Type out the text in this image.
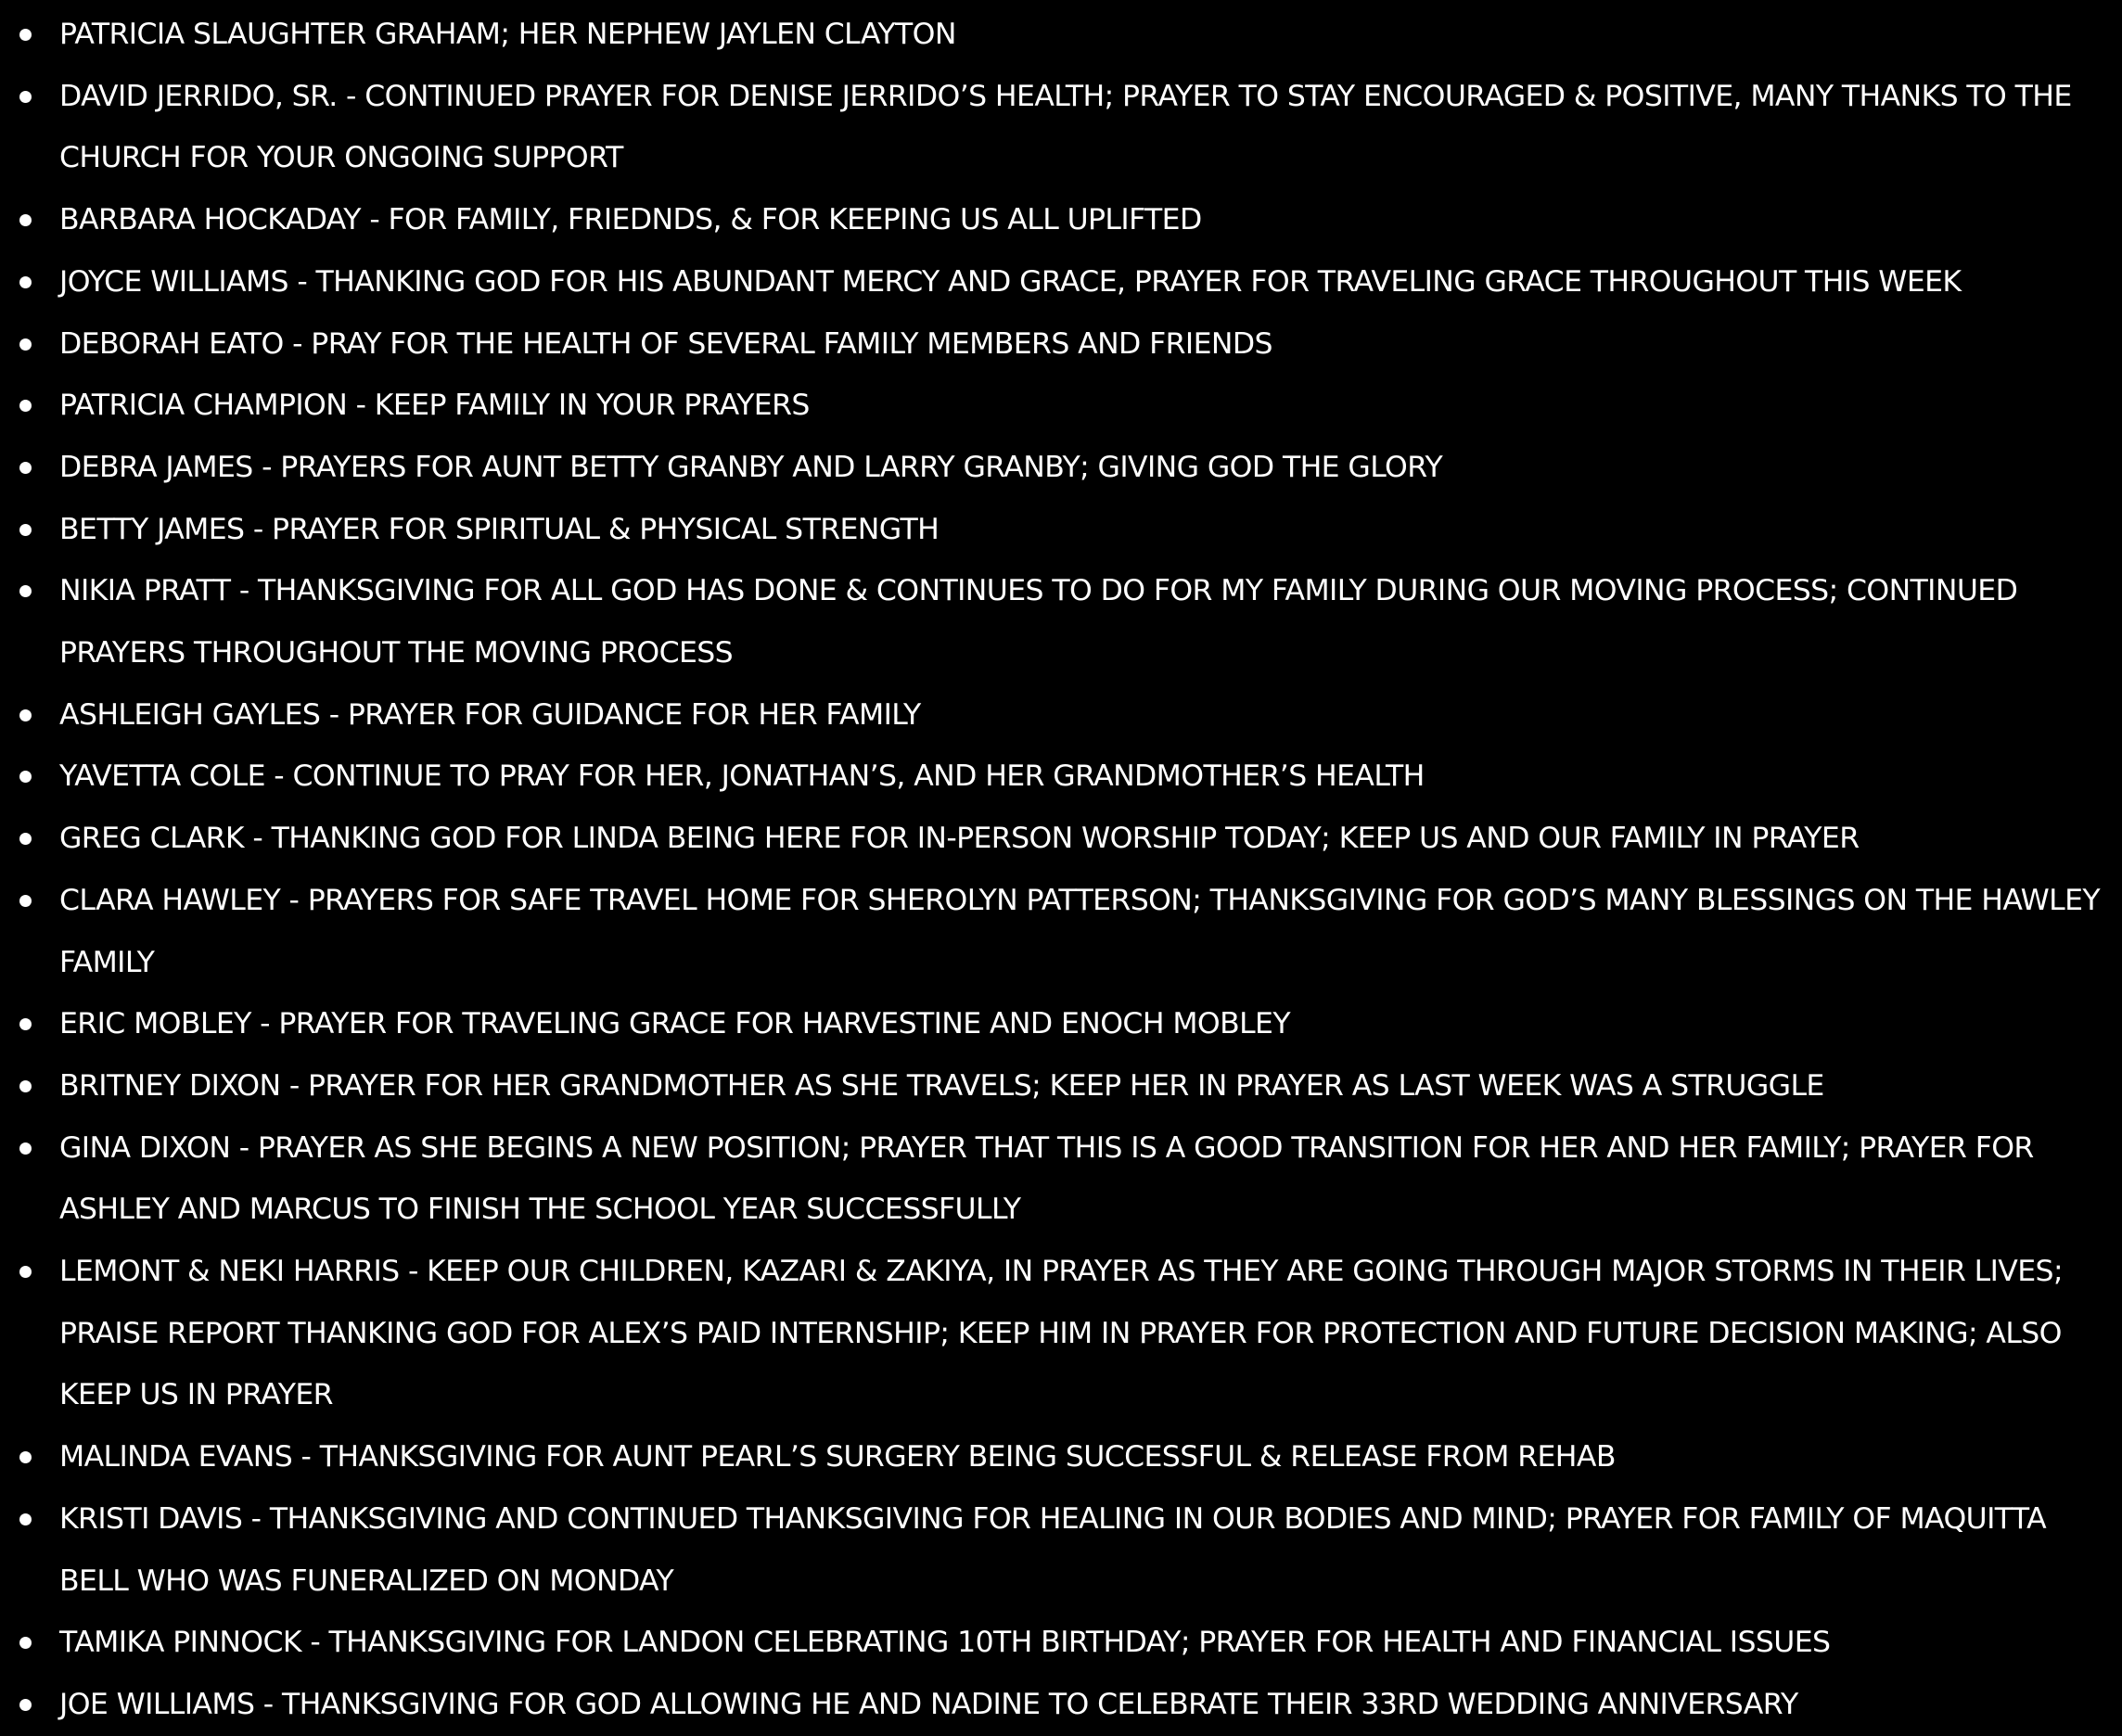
PATRICIA SLAUGHTER GRAHAM; HER NEPHEW JAYLEN CLAYTON
DAVID JERRIDO, SR. - CONTINUED PRAYER FOR DENISE JERRIDO’S HEALTH; PRAYER TO STAY ENCOURAGED & POSITIVE, MANY THANKS TO THE CHURCH FOR YOUR ONGOING SUPPORT
BARBARA HOCKADAY - FOR FAMILY, FRIEDNDS, & FOR KEEPING US ALL UPLIFTED
JOYCE WILLIAMS - THANKING GOD FOR HIS ABUNDANT MERCY AND GRACE, PRAYER FOR TRAVELING GRACE THROUGHOUT THIS WEEK
DEBORAH EATO - PRAY FOR THE HEALTH OF SEVERAL FAMILY MEMBERS AND FRIENDS
PATRICIA CHAMPION - KEEP FAMILY IN YOUR PRAYERS
DEBRA JAMES - PRAYERS FOR AUNT BETTY GRANBY AND LARRY GRANBY; GIVING GOD THE GLORY
BETTY JAMES - PRAYER FOR SPIRITUAL & PHYSICAL STRENGTH
NIKIA PRATT - THANKSGIVING FOR ALL GOD HAS DONE & CONTINUES TO DO FOR MY FAMILY DURING OUR MOVING PROCESS; CONTINUED PRAYERS THROUGHOUT THE MOVING PROCESS
ASHLEIGH GAYLES - PRAYER FOR GUIDANCE FOR HER FAMILY
YAVETTA COLE - CONTINUE TO PRAY FOR HER, JONATHAN’S, AND HER GRANDMOTHER’S HEALTH
GREG CLARK - THANKING GOD FOR LINDA BEING HERE FOR IN-PERSON WORSHIP TODAY; KEEP US AND OUR FAMILY IN PRAYER
CLARA HAWLEY - PRAYERS FOR SAFE TRAVEL HOME FOR SHEROLYN PATTERSON; THANKSGIVING FOR GOD’S MANY BLESSINGS ON THE HAWLEY FAMILY
ERIC MOBLEY - PRAYER FOR TRAVELING GRACE FOR HARVESTINE AND ENOCH MOBLEY
BRITNEY DIXON - PRAYER FOR HER GRANDMOTHER AS SHE TRAVELS; KEEP HER IN PRAYER AS LAST WEEK WAS A STRUGGLE
GINA DIXON - PRAYER AS SHE BEGINS A NEW POSITION; PRAYER THAT THIS IS A GOOD TRANSITION FOR HER AND HER FAMILY; PRAYER FOR ASHLEY AND MARCUS TO FINISH THE SCHOOL YEAR SUCCESSFULLY
LEMONT & NEKI HARRIS - KEEP OUR CHILDREN, KAZARI & ZAKIYA, IN PRAYER AS THEY ARE GOING THROUGH MAJOR STORMS IN THEIR LIVES; PRAISE REPORT THANKING GOD FOR ALEX’S PAID INTERNSHIP; KEEP HIM IN PRAYER FOR PROTECTION AND FUTURE DECISION MAKING; ALSO KEEP US IN PRAYER
MALINDA EVANS - THANKSGIVING FOR AUNT PEARL’S SURGERY BEING SUCCESSFUL & RELEASE FROM REHAB
KRISTI DAVIS - THANKSGIVING AND CONTINUED THANKSGIVING FOR HEALING IN OUR BODIES AND MIND; PRAYER FOR FAMILY OF MAQUITTA BELL WHO WAS FUNERALIZED ON MONDAY
TAMIKA PINNOCK - THANKSGIVING FOR LANDON CELEBRATING 10TH BIRTHDAY; PRAYER FOR HEALTH AND FINANCIAL ISSUES
JOE WILLIAMS - THANKSGIVING FOR GOD ALLOWING HE AND NADINE TO CELEBRATE THEIR 33RD WEDDING ANNIVERSARY
